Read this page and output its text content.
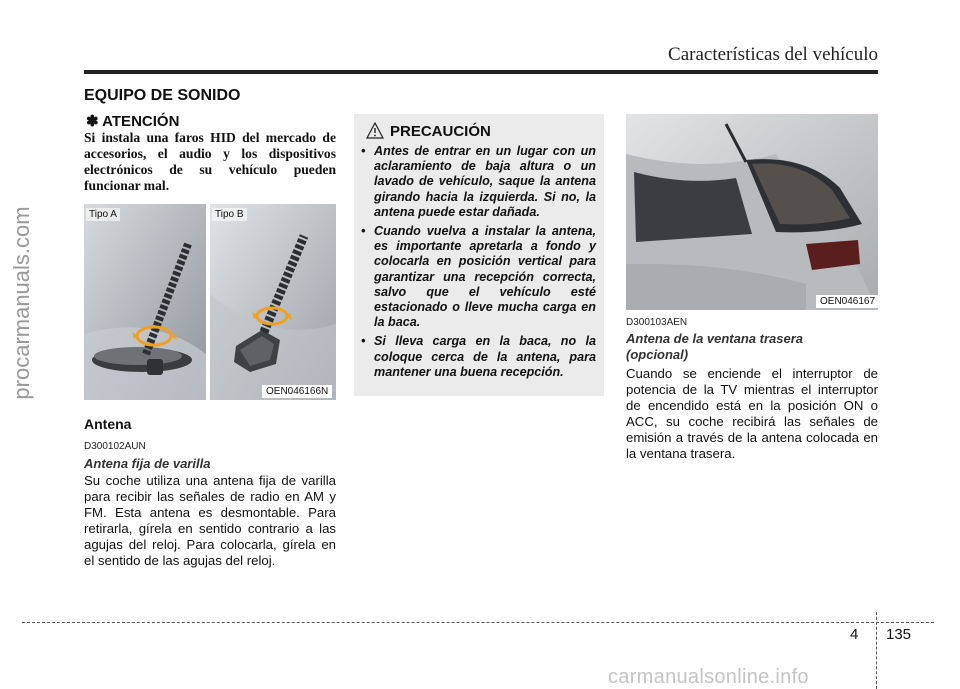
Características del vehículo
EQUIPO DE SONIDO
✽ ATENCIÓN
Si instala una faros HID del mercado de accesorios, el audio y los dispositivos electrónicos de su vehículo pueden funcionar mal.
Tipo A	Tipo B
OEN046166N
Antena
D300102AUN
Antena fija de varilla
Su coche utiliza una antena fija de varilla para recibir las señales de radio en AM y FM. Esta antena es desmontable. Para retirarla, gírela en sentido contrario a las agujas del reloj. Para colocarla, gírela en el sentido de las agujas del reloj.
PRECAUCIÓN
• Antes de entrar en un lugar con un aclaramiento de baja altura o un lavado de vehículo, saque la antena girando hacia la izquierda. Si no, la antena puede estar dañada.
• Cuando vuelva a instalar la antena, es importante apretarla a fondo y colocarla en posición vertical para garantizar una recepción correcta, salvo que el vehículo esté estacionado o lleve mucha carga en la baca.
• Si lleva carga en la baca, no la coloque cerca de la antena, para mantener una buena recepción.
OEN046167
D300103AEN
Antena de la ventana trasera (opcional)
Cuando se enciende el interruptor de potencia de la TV mientras el interruptor de encendido está en la posición ON o ACC, su coche recibirá las señales de emisión a través de la antena colocada en la ventana trasera.
4 135
procarmanuals.com
carmanualsonline.info
